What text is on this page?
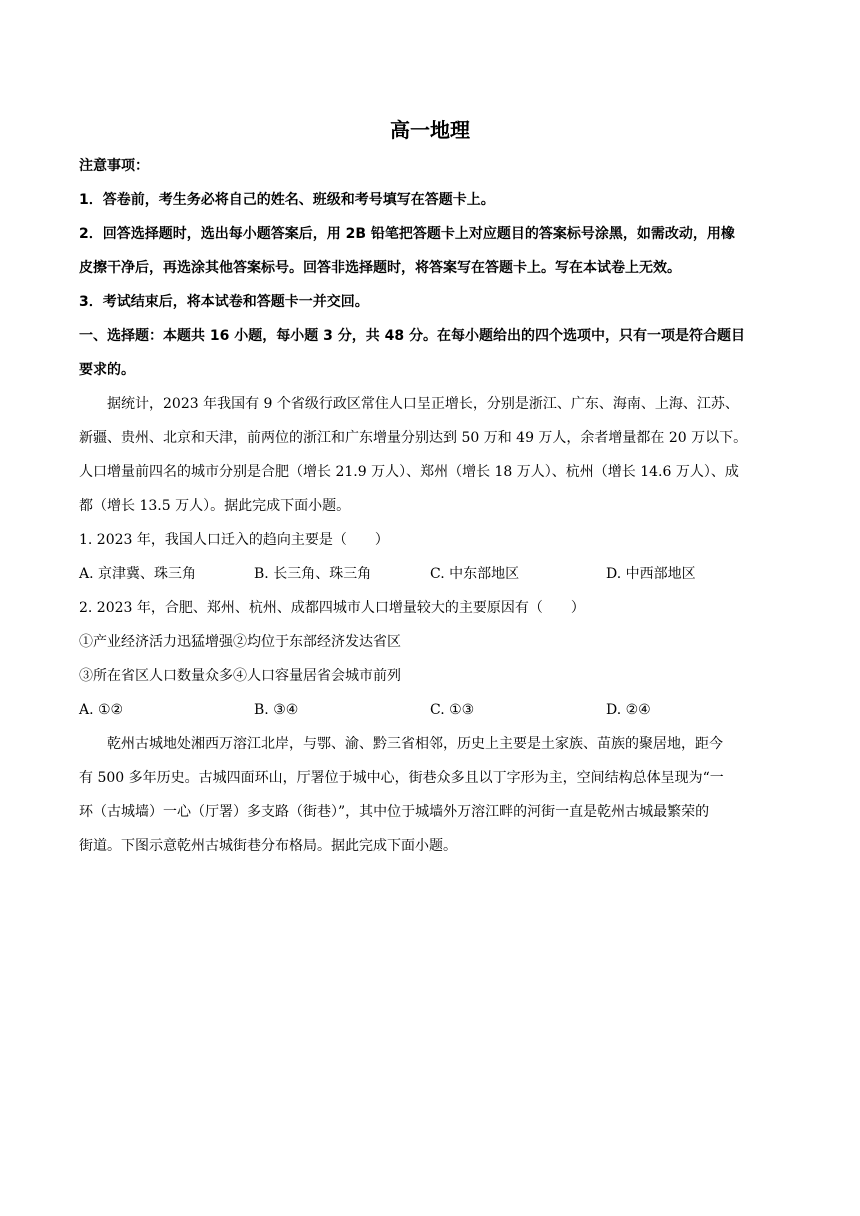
高一地理
注意事项：
1．答卷前，考生务必将自己的姓名、班级和考号填写在答题卡上。
2．回答选择题时，选出每小题答案后，用 2B 铅笔把答题卡上对应题目的答案标号涂黑，如需改动，用橡
皮擦干净后，再选涂其他答案标号。回答非选择题时，将答案写在答题卡上。写在本试卷上无效。
3．考试结束后，将本试卷和答题卡一并交回。
一、选择题：本题共 16 小题，每小题 3 分，共 48 分。在每小题给出的四个选项中，只有一项是符合题目
要求的。
据统计，2023 年我国有 9 个省级行政区常住人口呈正增长，分别是浙江、广东、海南、上海、江苏、
新疆、贵州、北京和天津，前两位的浙江和广东增量分别达到 50 万和 49 万人，余者增量都在 20 万以下。
人口增量前四名的城市分别是合肥（增长 21.9 万人）、郑州（增长 18 万人）、杭州（增长 14.6 万人）、成
都（增长 13.5 万人）。据此完成下面小题。
1. 2023 年，我国人口迁入的趋向主要是（　　）
A. 京津冀、珠三角	B. 长三角、珠三角	C. 中东部地区	D. 中西部地区
2. 2023 年，合肥、郑州、杭州、成都四城市人口增量较大的主要原因有（　　）
①产业经济活力迅猛增强②均位于东部经济发达省区
③所在省区人口数量众多④人口容量居省会城市前列
A. ①②	B. ③④	C. ①③	D. ②④
乾州古城地处湘西万溶江北岸，与鄂、渝、黔三省相邻，历史上主要是土家族、苗族的聚居地，距今
有 500 多年历史。古城四面环山，厅署位于城中心，街巷众多且以丁字形为主，空间结构总体呈现为“一
环（古城墙）一心（厅署）多支路（街巷）”，其中位于城墙外万溶江畔的河街一直是乾州古城最繁荣的
街道。下图示意乾州古城街巷分布格局。据此完成下面小题。
